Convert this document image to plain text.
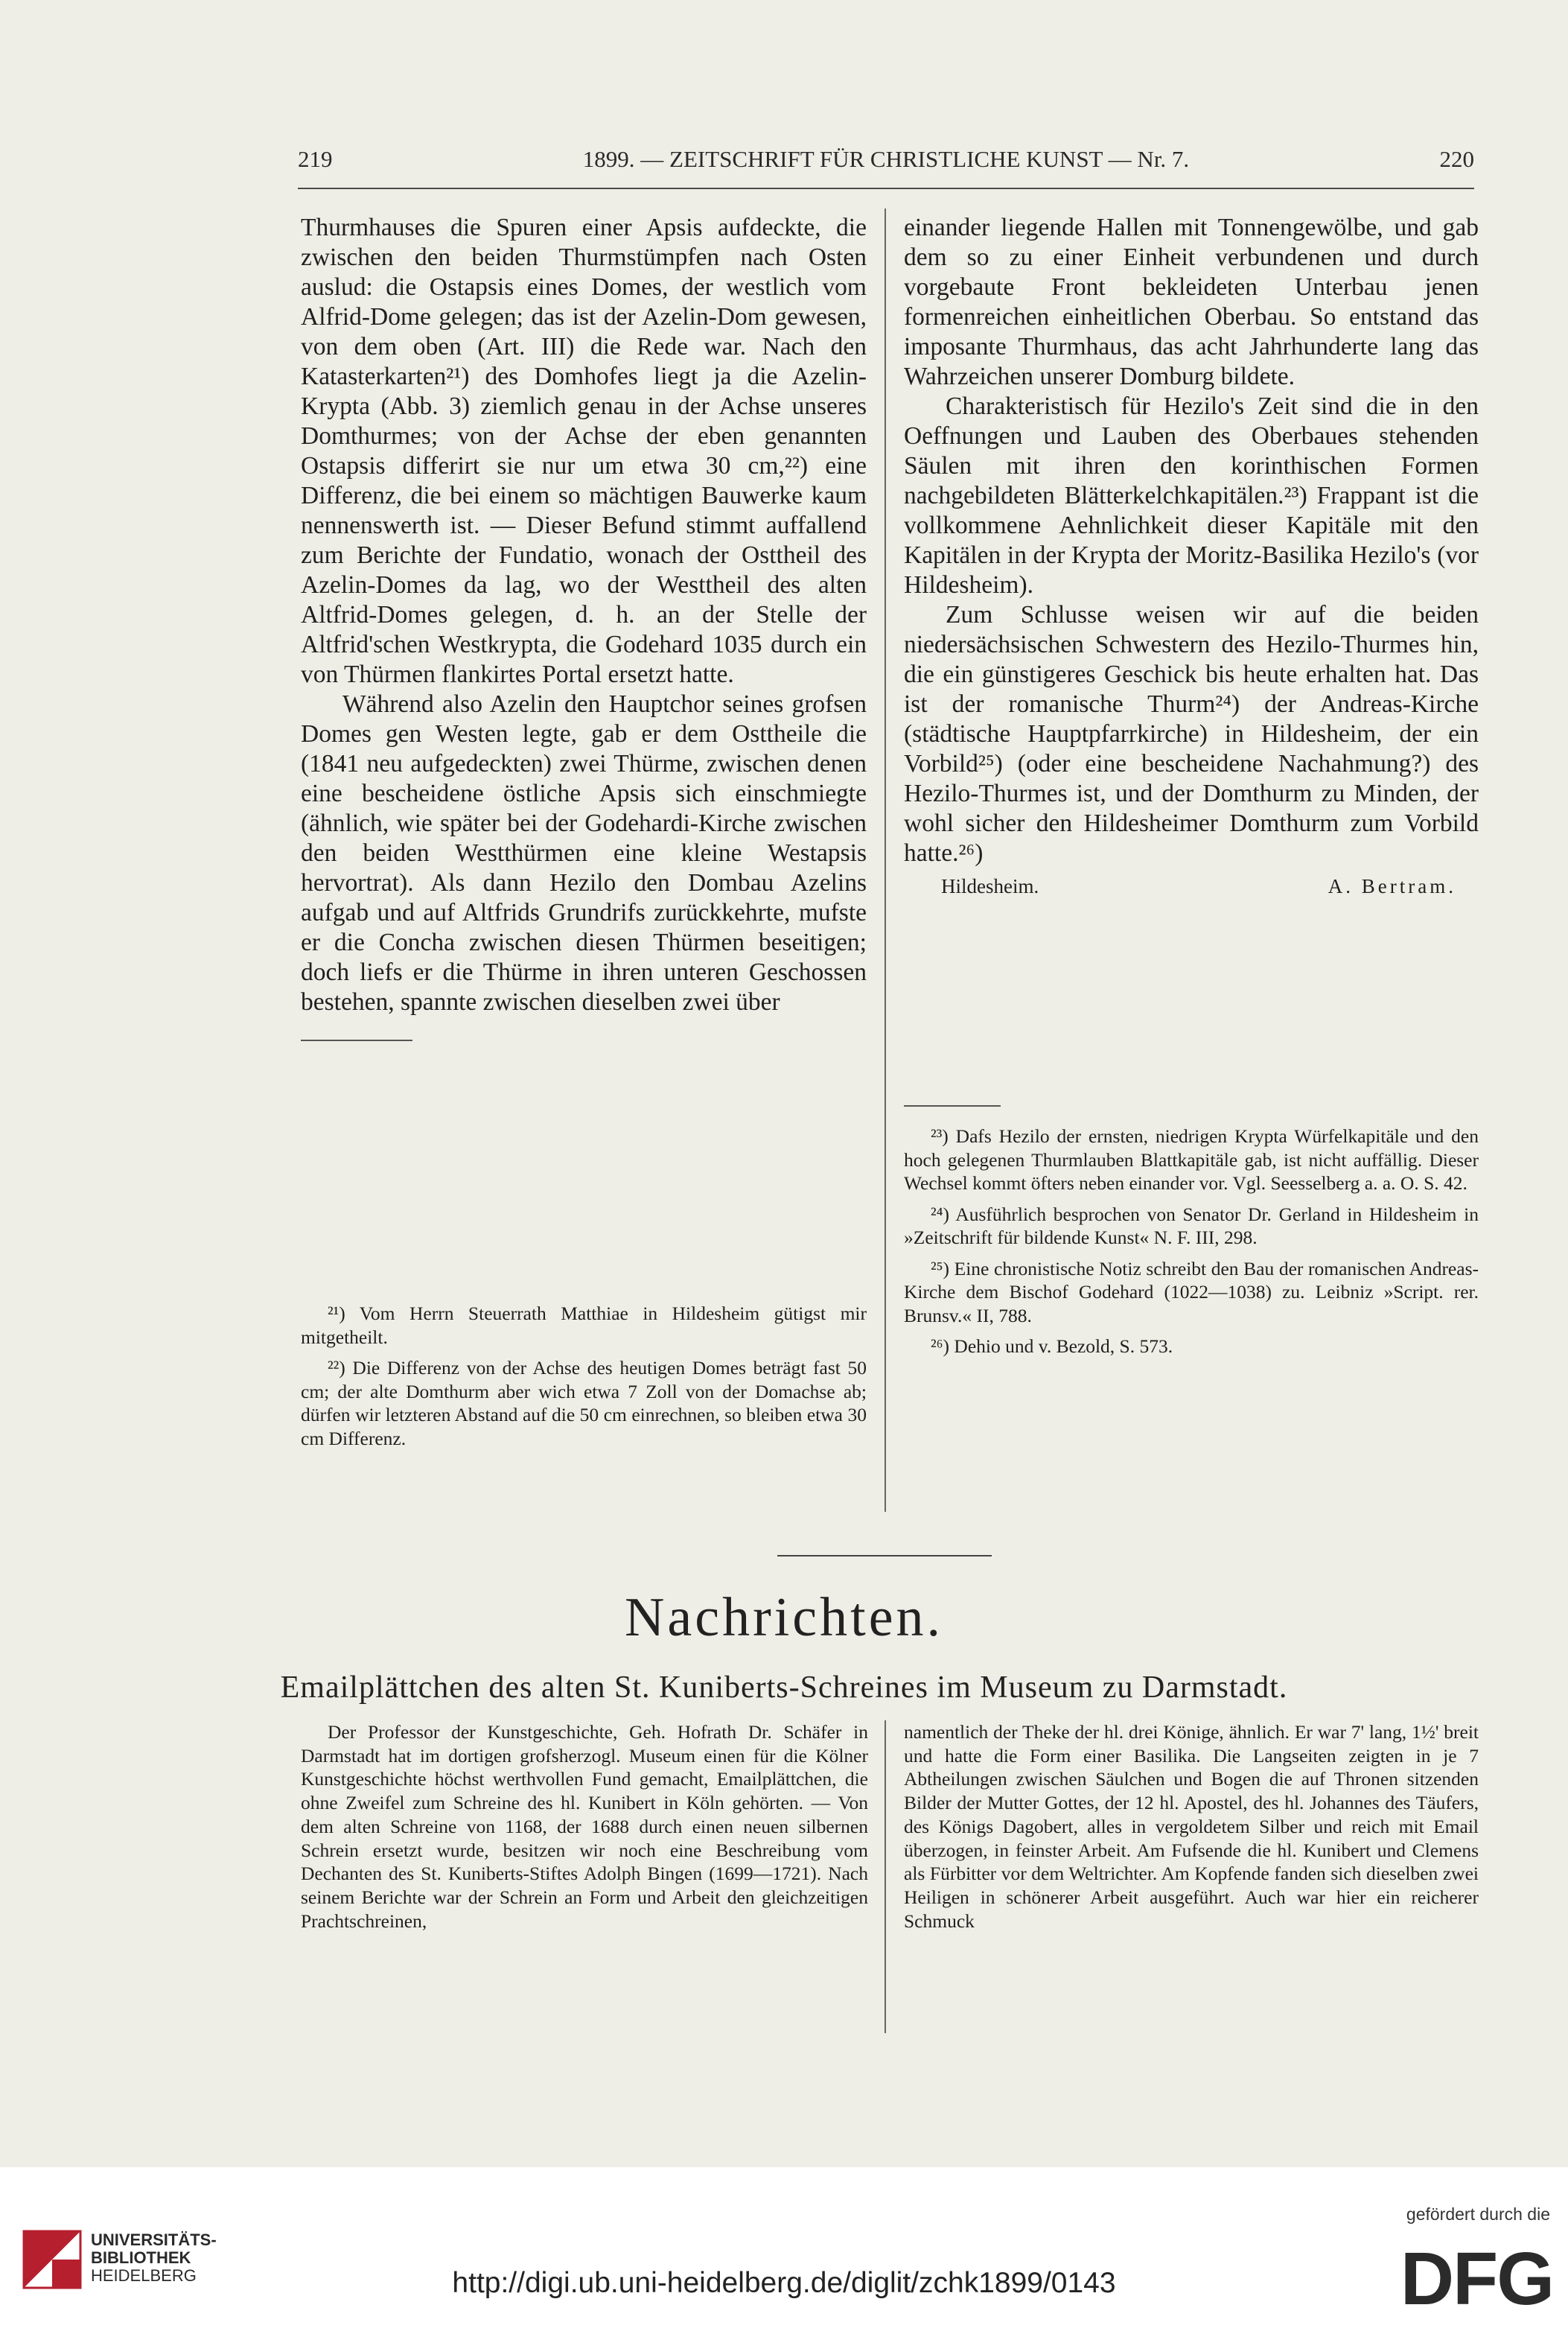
219	1899. — ZEITSCHRIFT FÜR CHRISTLICHE KUNST — Nr. 7.	220

Thurmhauses die Spuren einer Apsis aufdeckte, die zwischen den beiden Thurmstümpfen nach Osten auslud: die Ostapsis eines Domes, der westlich vom Alfrid-Dome gelegen; das ist der Azelin-Dom gewesen, von dem oben (Art. III) die Rede war. Nach den Katasterkarten²¹) des Domhofes liegt ja die Azelin-Krypta (Abb. 3) ziemlich genau in der Achse unseres Domthurmes; von der Achse der eben genannten Ostapsis differirt sie nur um etwa 30 cm,²²) eine Differenz, die bei einem so mächtigen Bauwerke kaum nennenswerth ist. — Dieser Befund stimmt auffallend zum Berichte der Fundatio, wonach der Osttheil des Azelin-Domes da lag, wo der Westtheil des alten Altfrid-Domes gelegen, d. h. an der Stelle der Altfrid'schen Westkrypta, die Godehard 1035 durch ein von Thürmen flankirtes Portal ersetzt hatte.

Während also Azelin den Hauptchor seines grofsen Domes gen Westen legte, gab er dem Osttheile die (1841 neu aufgedeckten) zwei Thürme, zwischen denen eine bescheidene östliche Apsis sich einschmiegte (ähnlich, wie später bei der Godehardi-Kirche zwischen den beiden Westthürmen eine kleine Westapsis hervortrat). Als dann Hezilo den Dombau Azelins aufgab und auf Altfrids Grundrifs zurückkehrte, mufste er die Concha zwischen diesen Thürmen beseitigen; doch liefs er die Thürme in ihren unteren Geschossen bestehen, spannte zwischen dieselben zwei über

²¹) Vom Herrn Steuerrath Matthiae in Hildesheim gütigst mir mitgetheilt.

²²) Die Differenz von der Achse des heutigen Domes beträgt fast 50 cm; der alte Domthurm aber wich etwa 7 Zoll von der Domachse ab; dürfen wir letzteren Abstand auf die 50 cm einrechnen, so bleiben etwa 30 cm Differenz.

einander liegende Hallen mit Tonnengewölbe, und gab dem so zu einer Einheit verbundenen und durch vorgebaute Front bekleideten Unterbau jenen formenreichen einheitlichen Oberbau. So entstand das imposante Thurmhaus, das acht Jahrhunderte lang das Wahrzeichen unserer Domburg bildete.

Charakteristisch für Hezilo's Zeit sind die in den Oeffnungen und Lauben des Oberbaues stehenden Säulen mit ihren den korinthischen Formen nachgebildeten Blätterkelchkapitälen.²³) Frappant ist die vollkommene Aehnlichkeit dieser Kapitäle mit den Kapitälen in der Krypta der Moritz-Basilika Hezilo's (vor Hildesheim).

Zum Schlusse weisen wir auf die beiden niedersächsischen Schwestern des Hezilo-Thurmes hin, die ein günstigeres Geschick bis heute erhalten hat. Das ist der romanische Thurm²⁴) der Andreas-Kirche (städtische Hauptpfarrkirche) in Hildesheim, der ein Vorbild²⁵) (oder eine bescheidene Nachahmung?) des Hezilo-Thurmes ist, und der Domthurm zu Minden, der wohl sicher den Hildesheimer Domthurm zum Vorbild hatte.²⁶)

Hildesheim.	A. Bertram.

²³) Dafs Hezilo der ernsten, niedrigen Krypta Würfelkapitäle und den hoch gelegenen Thurmlauben Blattkapitäle gab, ist nicht auffällig. Dieser Wechsel kommt öfters neben einander vor. Vgl. Seesselberg a. a. O. S. 42.

²⁴) Ausführlich besprochen von Senator Dr. Gerland in Hildesheim in »Zeitschrift für bildende Kunst« N. F. III, 298.

²⁵) Eine chronistische Notiz schreibt den Bau der romanischen Andreas-Kirche dem Bischof Godehard (1022—1038) zu. Leibniz »Script. rer. Brunsv.« II, 788.

²⁶) Dehio und v. Bezold, S. 573.

Nachrichten.
Emailplättchen des alten St. Kuniberts-Schreines im Museum zu Darmstadt.

Der Professor der Kunstgeschichte, Geh. Hofrath Dr. Schäfer in Darmstadt hat im dortigen grofsherzogl. Museum einen für die Kölner Kunstgeschichte höchst werthvollen Fund gemacht, Emailplättchen, die ohne Zweifel zum Schreine des hl. Kunibert in Köln gehörten. — Von dem alten Schreine von 1168, der 1688 durch einen neuen silbernen Schrein ersetzt wurde, besitzen wir noch eine Beschreibung vom Dechanten des St. Kuniberts-Stiftes Adolph Bingen (1699—1721). Nach seinem Berichte war der Schrein an Form und Arbeit den gleichzeitigen Prachtschreinen,

namentlich der Theke der hl. drei Könige, ähnlich. Er war 7' lang, 1½' breit und hatte die Form einer Basilika. Die Langseiten zeigten in je 7 Abtheilungen zwischen Säulchen und Bogen die auf Thronen sitzenden Bilder der Mutter Gottes, der 12 hl. Apostel, des hl. Johannes des Täufers, des Königs Dagobert, alles in vergoldetem Silber und reich mit Email überzogen, in feinster Arbeit. Am Fufsende die hl. Kunibert und Clemens als Fürbitter vor dem Weltrichter. Am Kopfende fanden sich dieselben zwei Heiligen in schönerer Arbeit ausgeführt. Auch war hier ein reicherer Schmuck

UNIVERSITÄTS-
BIBLIOTHEK
HEIDELBERG	http://digi.ub.uni-heidelberg.de/diglit/zchk1899/0143
gefördert durch die
DFG
